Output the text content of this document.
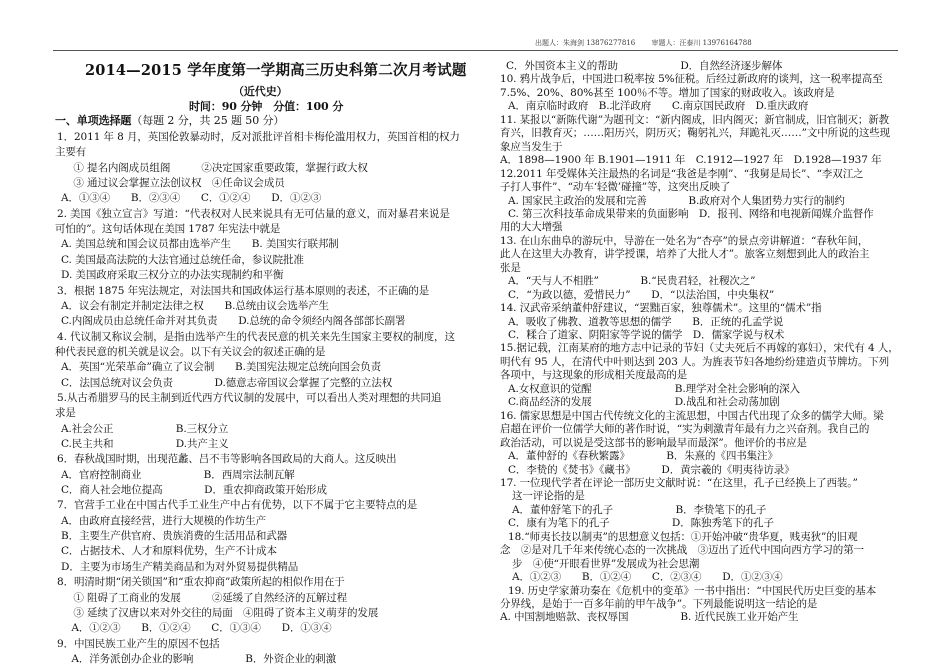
出题人：朱海剑 13876277816 审题人：汪泰川 13976164788
2014—2015 学年度第一学期高三历史科第二次月考试题
（近代史）
时间：90 分钟　分值：100 分
一、单项选择题（每题 2 分，共 25 题 50 分）
1．2011 年 8 月，英国伦敦暴动时，反对派批评首相卡梅伦滥用权力，英国首相的权力
主要有
　① 提名内阁成员组阁　　　②决定国家重要政策，掌握行政大权
　③ 通过议会掌握立法创议权　④任命议会成员
A．①③④　　B．②③④　　C．①②④　　D．①②③
2. 美国《独立宣言》写道：“代表权对人民来说具有无可估量的意义，而对暴君来说是
可怕的”。这句话体现在美国 1787 年宪法中就是
A. 美国总统和国会议员都由选举产生　　B. 美国实行联邦制
C. 美国最高法院的大法官通过总统任命，参议院批准
D. 美国政府采取三权分立的办法实现制约和平衡
3．根据 1875 年宪法规定，对法国共和国政体运行基本原则的表述，不正确的是
A．议会有制定并制定法律之权　　B.总统由议会选举产生
C.内阁成员由总统任命并对其负责　　D.总统的命令须经内阁各部部长副署
4. 代议制又称议会制，是指由选举产生的代表民意的机关来先生国家主要权的制度，这
种代表民意的机关就是议会。以下有关议会的叙述正确的是
A．英国“光荣革命”确立了议会制　　B.美国宪法规定总统向国会负责
C．法国总统对议会负责　　　　D.德意志帝国议会掌握了完整的立法权
5.从古希腊罗马的民主制到近代西方代议制的发展中，可以看出人类对理想的共同追
求是
A.社会公正　　　　　　B.三权分立
C.民主共和　　　　　　D.共产主义
6．春秋战国时期，出现范蠡、吕不韦等影响各国政局的大商人。这反映出
A．官府控制商业　　　　　　B．西周宗法制瓦解
C．商人社会地位提高　　　　D．重农抑商政策开始形成
7．官营手工业在中国古代手工业生产中占有优势，以下不属于它主要特点的是
A．由政府直接经营，进行大规模的作坊生产
B．主要生产供官府、贵族消费的生活用品和武器
C．占据技术、人才和原料优势，生产不计成本
D．主要为市场生产精美商品和为对外贸易提供精品
8．明清时期“闭关锁国”和“重农抑商”政策所起的相似作用在于
　① 阻碍了工商业的发展　　　②延缓了自然经济的瓦解过程
　③ 延续了汉唐以来对外交往的局面　④阻碍了资本主义萌芽的发展
　A．①②③　　B．①②④　　C．①③④　　D．①③④
9．中国民族工业产生的原因不包括
　A．洋务派创办企业的影响　　　　　B．外资企业的刺激
C．外国资本主义的帮助　　　　　　D．自然经济逐步解体
10. 鸦片战争后，中国进口税率按 5%征税。后经过新政府的谈判，这一税率提高至
7.5%、20%、80%甚至 100％不等。增加了国家的财政收入。该政府是
A．南京临时政府　B.北洋政府　　C.南京国民政府　D.重庆政府
11. 某报以“新陈代谢”为题刊文：“新内阁成，旧内阁灭；新官制成，旧官制灭；新教
育兴，旧教育灭；……阳历兴，阴历灭；鞠躬礼兴，拜跪礼灭……”文中所说的这些现
象应当发生于
A．1898—1900 年 B.1901—1911 年　C.1912—1927 年　D.1928—1937 年
12.2011 年受媒体关注最热的名词是“我爸是李刚”、“我舅是局长”、“李双江之
子打人事件”、“动车‘轻微’碰撞”等，这突出反映了
A. 国家民主政治的发展和完善　　　　B.政府对个人集团势力实行的制约
C. 第三次科技革命成果带来的负面影响　D．报刊、网络和电视新闻媒介监督作
用的大大增强
13. 在山东曲阜的游玩中，导游在一处名为“杏亭”的景点旁讲解道：“春秋年间，
此人在这里大办教育，讲学授课，培养了大批人才”。旅客立刻想到此人的政治主
张是
A．“天与人不相胜”　　　　B.“民贵君轻，社稷次之”
C．“为政以德，爱惜民力”　　D．“以法治国，中央集权”
14. 汉武帝采纳董仲舒建议，“罢黜百家，独尊儒术”。这里的“儒术”指
A．吸收了佛教、道教等思想的儒学　　B．正统的孔孟学说
C．糅合了道家、阴阳家等学说的儒学　D．儒家学说与权术
15.据记载，江南某府的地方志中记录的节妇（丈夫死后不再嫁的寡妇），宋代有 4 人，
明代有 95 人，在清代中叶则达到 203 人。为旌表节妇各地纷纷建造贞节牌坊。下列
各项中，与这现象的形成相关度最高的是
A.女权意识的觉醒　　　　　　　　B.理学对全社会影响的深入
C.商品经济的发展　　　　　　　　D.战乱和社会动荡加剧
16. 儒家思想是中国古代传统文化的主流思想，中国古代出现了众多的儒学大师。梁
启超在评价一位儒学大师的著作时说，“实为刺激青年最有力之兴奋剂。我自己的
政治活动，可以说是受这部书的影响最早而最深”。他评价的书应是
A．董仲舒的《春秋繁露》　　　　B．朱熹的《四书集注》
C．李贽的《焚书》《藏书》　　　D．黄宗羲的《明夷待访录》
17. 一位现代学者在评论一部历史文献时说：“在这里，孔子已经换上了西装。”
这一评论指的是
A．董仲舒笔下的孔子　　　　　　B．李贽笔下的孔子
C．康有为笔下的孔子　　　　　　D．陈独秀笔下的孔子
18.“师夷长技以制夷”的思想意义包括：①开始冲破“贵华夏，贱夷狄”的旧观
念　②是对几千年来传统心态的一次挑战　③迈出了近代中国向西方学习的第一
步　④使“开眼看世界”发展成为社会思潮
A．①②③　　B．①②④　　C．②③④　　D．①②③④
19. 历史学家萧功秦在《危机中的变革》一书中指出：“中国民代历史巨变的基本
分界线，是始于一百多年前的甲午战争”。下列最能说明这一结论的是
A. 中国割地赔款、丧权辱国　　　　　B. 近代民族工业开始产生
